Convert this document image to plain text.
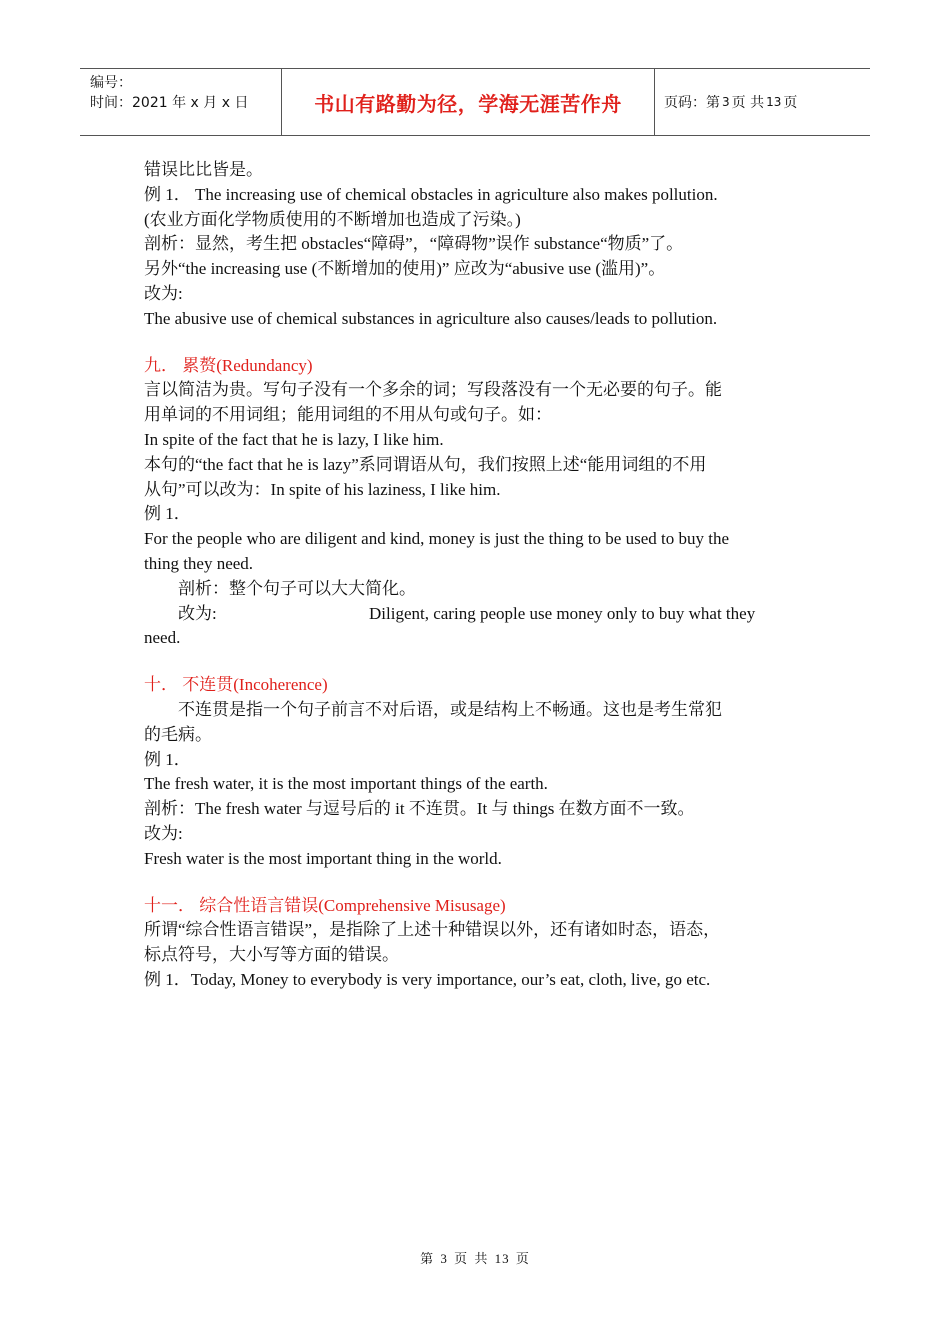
编号：
时间：2021 年 x 月 x 日	书山有路勤为径，学海无涯苦作舟	页码：第 3 页 共 13 页
错误比比皆是。
例 1． The increasing use of chemical obstacles in agriculture also makes pollution.
(农业方面化学物质使用的不断增加也造成了污染。)
剖析：显然，考生把 obstacles“障碍”，“障碍物”误作 substance“物质”了。
另外“the increasing use (不断增加的使用)” 应改为“abusive use (滥用)”。
改为:
The abusive use of chemical substances in agriculture also causes/leads to pollution.
九． 累赘(Redundancy)
言以简洁为贵。写句子没有一个多余的词；写段落没有一个无必要的句子。能
用单词的不用词组；能用词组的不用从句或句子。如：
In spite of the fact that he is lazy, I like him.
本句的“the fact that he is lazy”系同谓语从句，我们按照上述“能用词组的不用
从句”可以改为：In spite of his laziness, I like him.
例 1．
For the people who are diligent and kind, money is just the thing to be used to buy the
thing they need.
剖析：整个句子可以大大简化。
改为:	Diligent, caring people use money only to buy what they
need.
十． 不连贯(Incoherence)
不连贯是指一个句子前言不对后语，或是结构上不畅通。这也是考生常犯
的毛病。
例 1．
The fresh water, it is the most important things of the earth.
剖析：The fresh water 与逗号后的 it 不连贯。It 与 things 在数方面不一致。
改为:
Fresh water is the most important thing in the world.
十一． 综合性语言错误(Comprehensive Misusage)
所谓“综合性语言错误”，是指除了上述十种错误以外，还有诸如时态，语态，
标点符号，大小写等方面的错误。
例 1．Today, Money to everybody is very importance, our’s eat, cloth, live, go etc.
第 3 页 共 13 页
